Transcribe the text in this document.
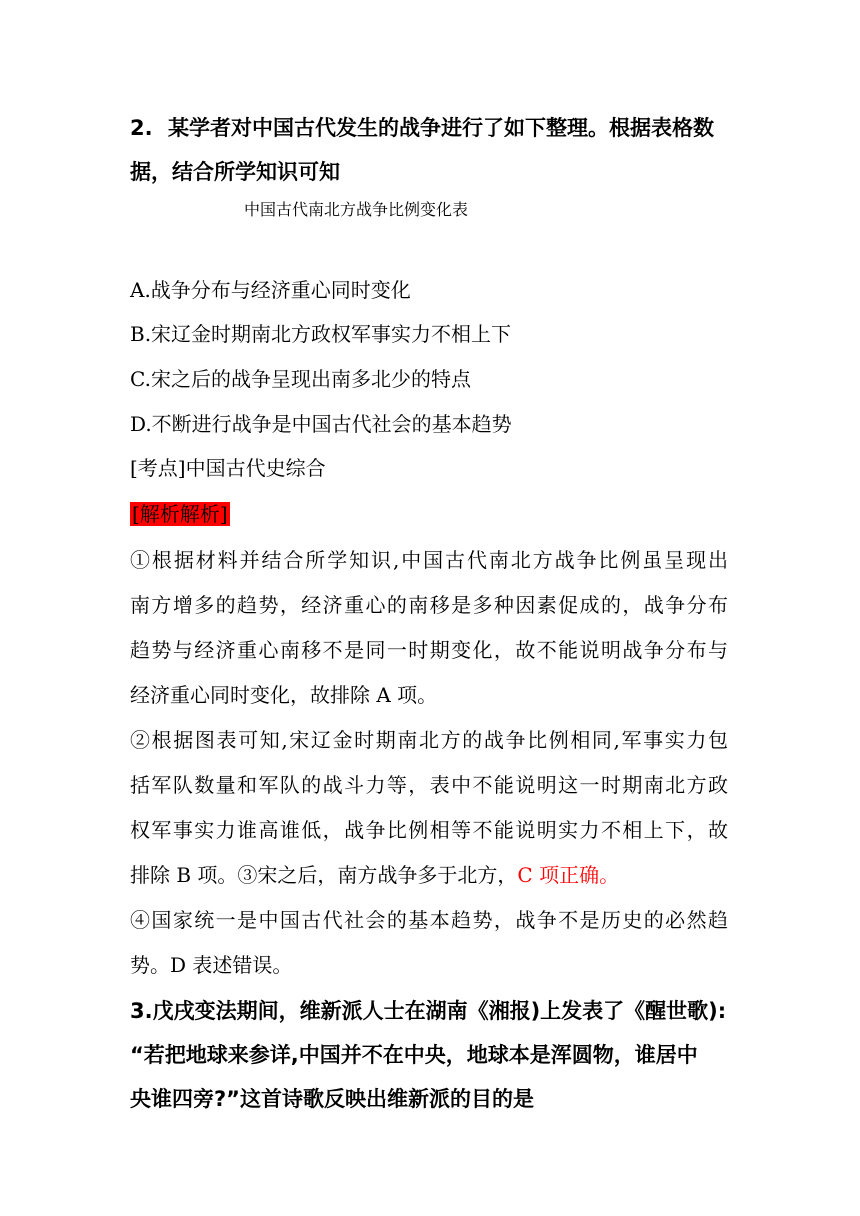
2. 某学者对中国古代发生的战争进行了如下整理。根据表格数
据，结合所学知识可知
中国古代南北方战争比例变化表
A.战争分布与经济重心同时变化
B.宋辽金时期南北方政权军事实力不相上下
C.宋之后的战争呈现出南多北少的特点
D.不断进行战争是中国古代社会的基本趋势
[考点]中国古代史综合
[解析解析]
①根据材料并结合所学知识,中国古代南北方战争比例虽呈现出
南方增多的趋势，经济重心的南移是多种因素促成的，战争分布
趋势与经济重心南移不是同一时期变化，故不能说明战争分布与
经济重心同时变化，故排除 A 项。
②根据图表可知,宋辽金时期南北方的战争比例相同,军事实力包
括军队数量和军队的战斗力等，表中不能说明这一时期南北方政
权军事实力谁高谁低，战争比例相等不能说明实力不相上下，故
排除 B 项。③宋之后，南方战争多于北方，C 项正确。
④国家统一是中国古代社会的基本趋势，战争不是历史的必然趋
势。D 表述错误。
3.戊戌变法期间，维新派人士在湖南《湘报)上发表了《醒世歌):
“若把地球来参详,中国并不在中央，地球本是浑圆物，谁居中
央谁四旁?”这首诗歌反映出维新派的目的是
